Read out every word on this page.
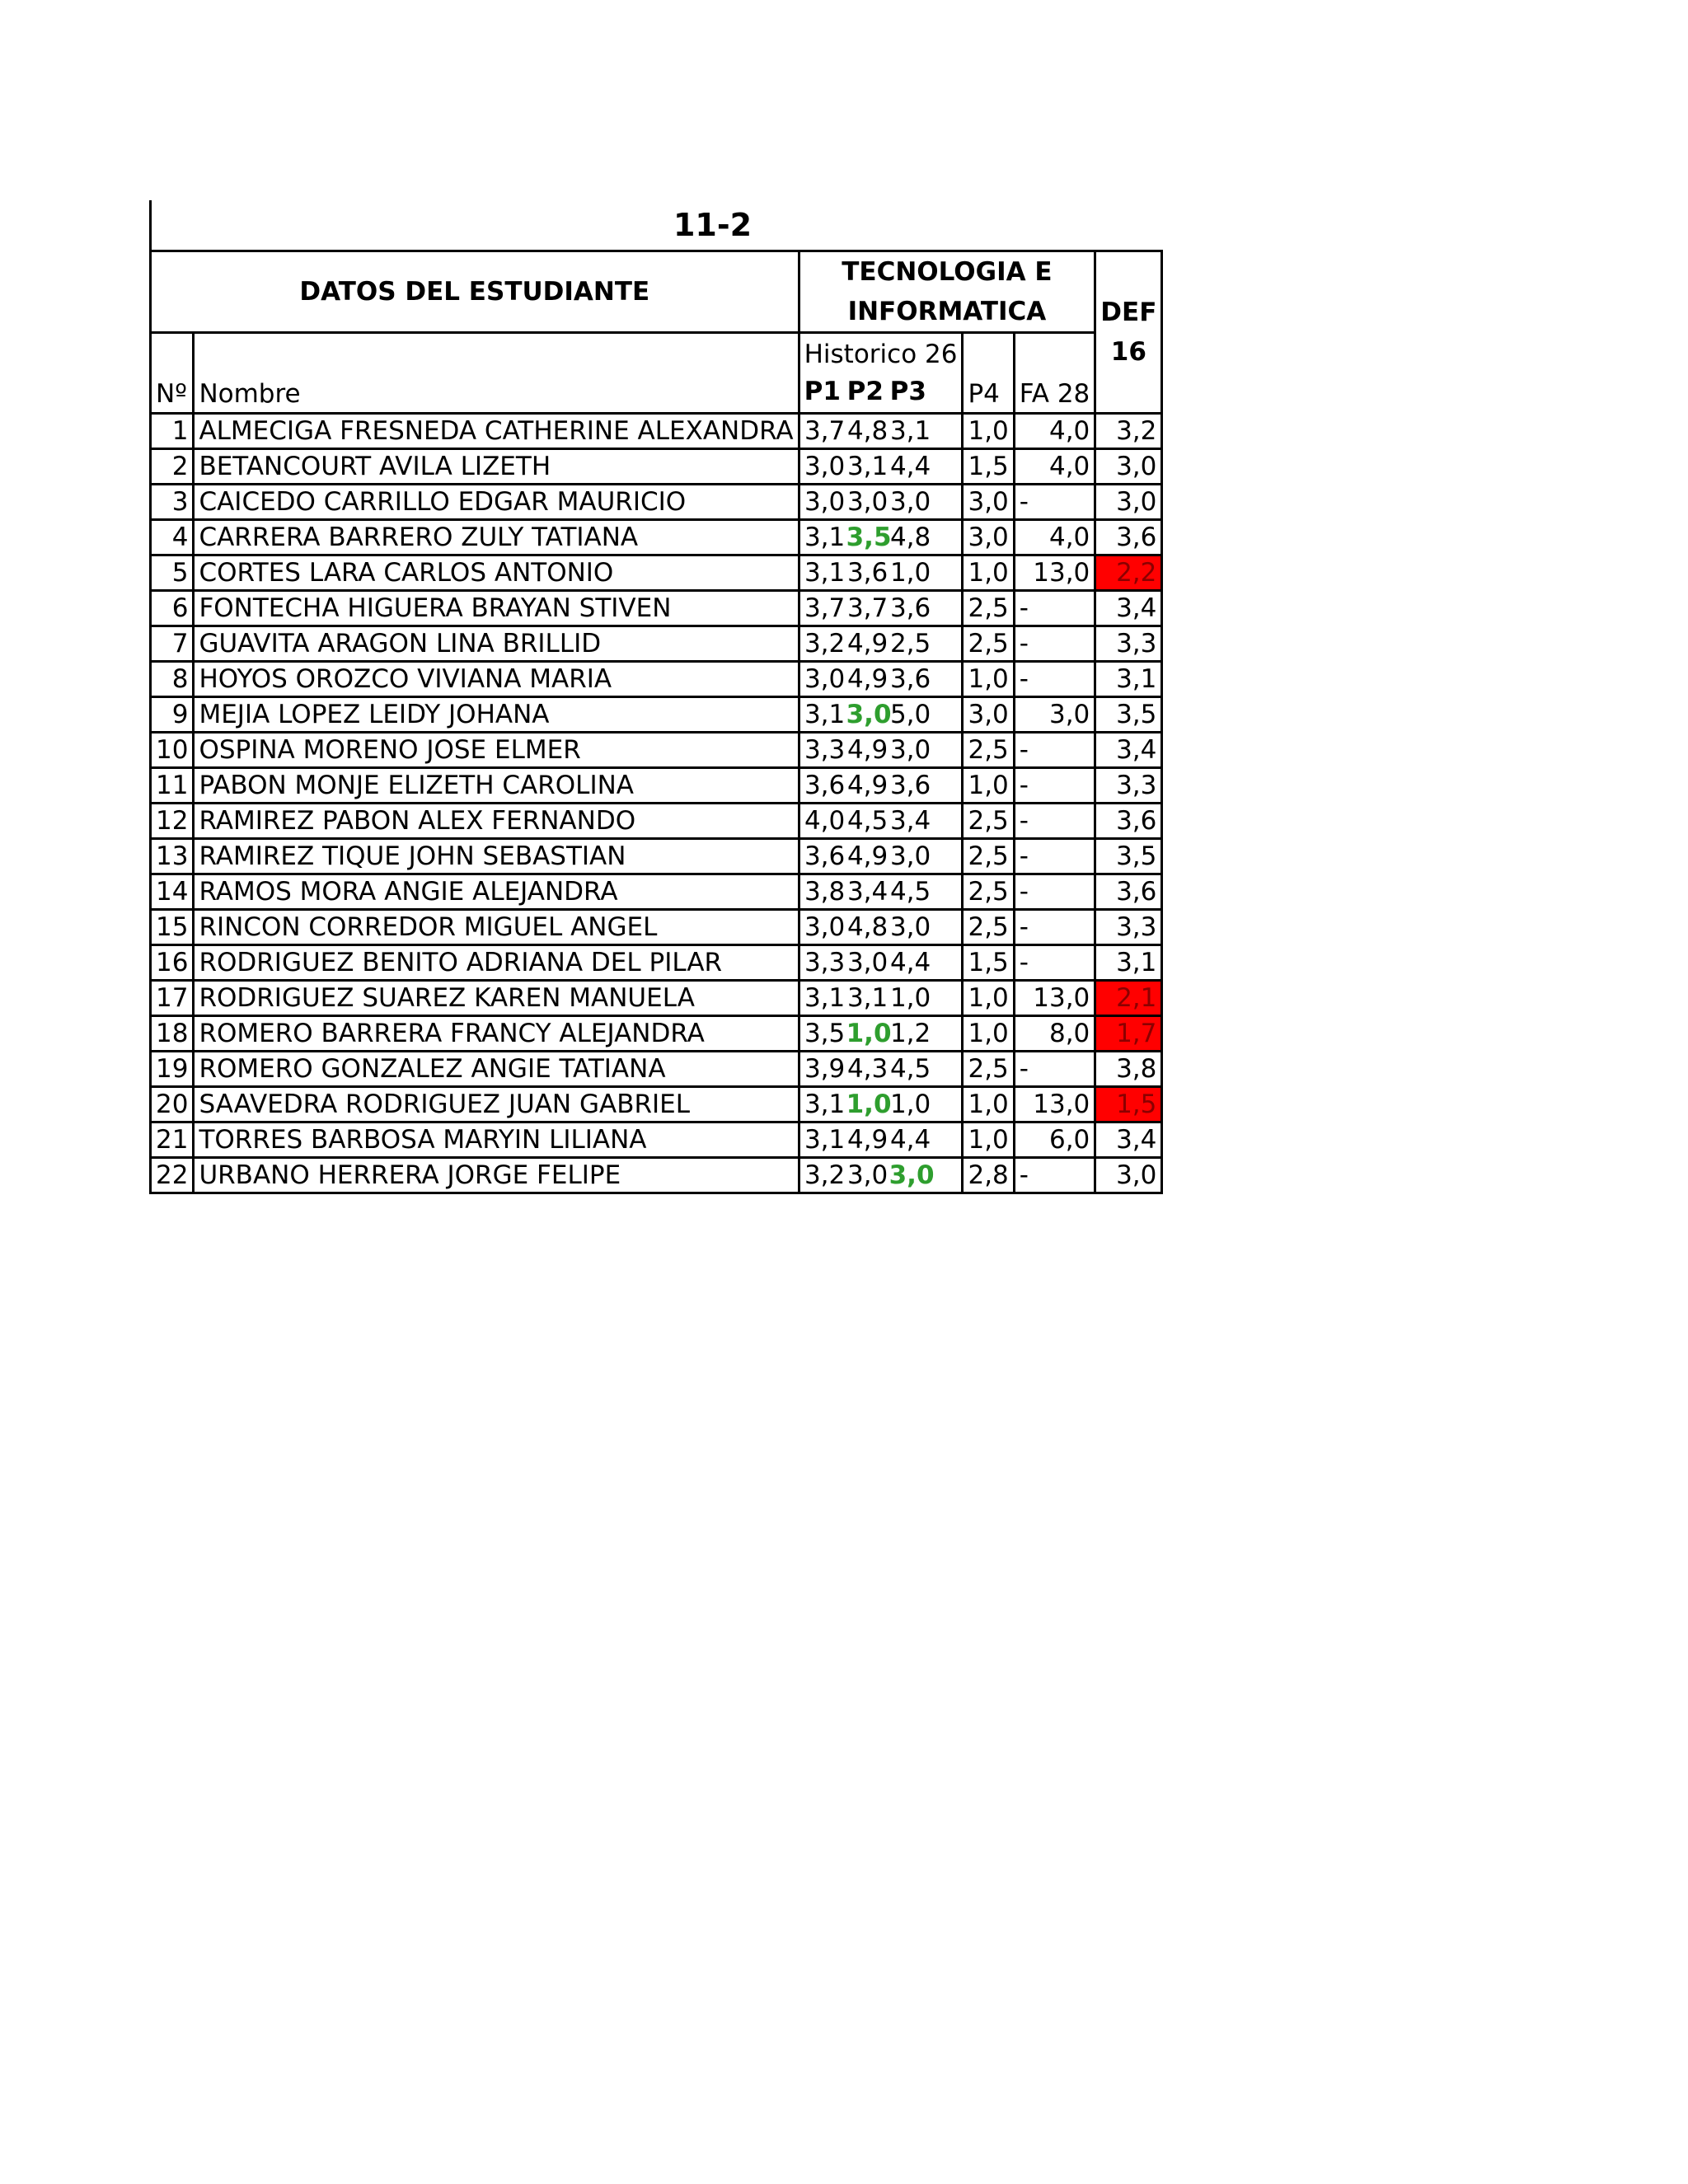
11-2
DATOS DEL ESTUDIANTE		TECNOLOGIA E INFORMATICA			DEF 16
Nº	Nombre	Historico 26
P1 P2 P3	P4	FA 28	
1	ALMECIGA FRESNEDA CATHERINE ALEXANDRA	3,74,83,1	1,0	4,0	3,2
2	BETANCOURT AVILA LIZETH	3,03,14,4	1,5	4,0	3,0
3	CAICEDO CARRILLO EDGAR MAURICIO	3,03,03,0	3,0	-	3,0
4	CARRERA BARRERO ZULY TATIANA	3,13,54,8	3,0	4,0	3,6
5	CORTES LARA CARLOS ANTONIO	3,13,61,0	1,0	13,0	2,2
6	FONTECHA HIGUERA BRAYAN STIVEN	3,73,73,6	2,5	-	3,4
7	GUAVITA ARAGON LINA BRILLID	3,24,92,5	2,5	-	3,3
8	HOYOS OROZCO VIVIANA MARIA	3,04,93,6	1,0	-	3,1
9	MEJIA LOPEZ LEIDY JOHANA	3,13,05,0	3,0	3,0	3,5
10	OSPINA MORENO JOSE ELMER	3,34,93,0	2,5	-	3,4
11	PABON MONJE ELIZETH CAROLINA	3,64,93,6	1,0	-	3,3
12	RAMIREZ PABON ALEX FERNANDO	4,04,53,4	2,5	-	3,6
13	RAMIREZ TIQUE JOHN SEBASTIAN	3,64,93,0	2,5	-	3,5
14	RAMOS MORA ANGIE ALEJANDRA	3,83,44,5	2,5	-	3,6
15	RINCON CORREDOR MIGUEL ANGEL	3,04,83,0	2,5	-	3,3
16	RODRIGUEZ BENITO ADRIANA DEL PILAR	3,33,04,4	1,5	-	3,1
17	RODRIGUEZ SUAREZ KAREN MANUELA	3,13,11,0	1,0	13,0	2,1
18	ROMERO BARRERA FRANCY ALEJANDRA	3,51,01,2	1,0	8,0	1,7
19	ROMERO GONZALEZ ANGIE TATIANA	3,94,34,5	2,5	-	3,8
20	SAAVEDRA RODRIGUEZ JUAN GABRIEL	3,11,01,0	1,0	13,0	1,5
21	TORRES BARBOSA MARYIN LILIANA	3,14,94,4	1,0	6,0	3,4
22	URBANO HERRERA JORGE FELIPE	3,23,03,0	2,8	-	3,0
